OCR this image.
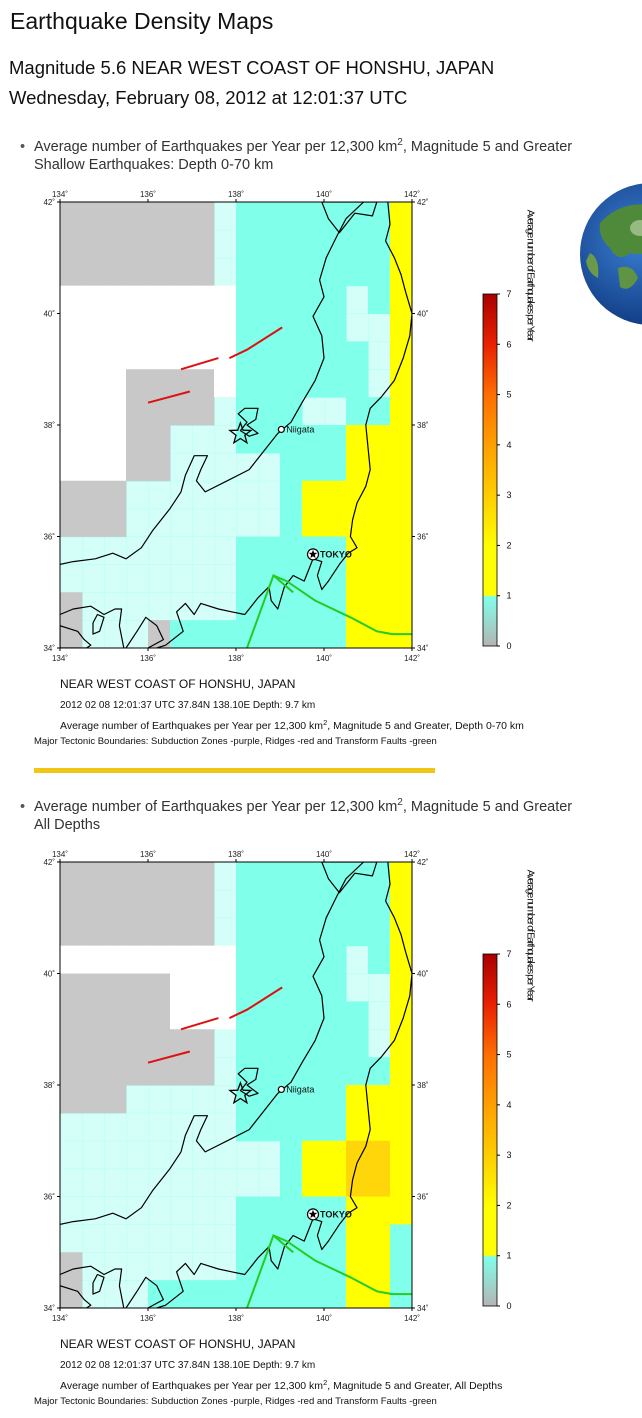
Earthquake Density Maps
Magnitude 5.6 NEAR WEST COAST OF HONSHU, JAPAN
Wednesday, February 08, 2012 at 12:01:37 UTC
• Average number of Earthquakes per Year per 12,300 $km^2$, Magnitude 5 and Greater
Shallow Earthquakes: Depth 0-70 km
134˚
134˚
136˚
136˚
138˚
138˚
140˚
140˚
142˚
142˚
42˚	42˚
40˚	40˚
38˚	38˚
36˚	36˚
34˚	34˚
Niigata
TOKYO
0
1
2
3
4
5
6
7 Average number of Earthquakes per Year
NEAR WEST COAST OF HONSHU, JAPAN
2012 02 08 12:01:37 UTC 37.84N 138.10E Depth: 9.7 km
Average number of Earthquakes per Year per 12,300 $km^2$, Magnitude 5 and Greater, Depth 0-70 km
Major Tectonic Boundaries: Subduction Zones -purple, Ridges -red and Transform Faults -green
• Average number of Earthquakes per Year per 12,300 $km^2$, Magnitude 5 and Greater
All Depths
134˚
134˚
136˚
136˚
138˚
138˚
140˚
140˚
142˚
142˚
42˚	42˚
40˚	40˚
38˚	38˚
36˚	36˚
34˚	34˚
Niigata
TOKYO
0
1
2
3
4
5
6
7 Average number of Earthquakes per Year
NEAR WEST COAST OF HONSHU, JAPAN
2012 02 08 12:01:37 UTC 37.84N 138.10E Depth: 9.7 km
Average number of Earthquakes per Year per 12,300 $km^2$, Magnitude 5 and Greater, All Depths
Major Tectonic Boundaries: Subduction Zones -purple, Ridges -red and Transform Faults -green
